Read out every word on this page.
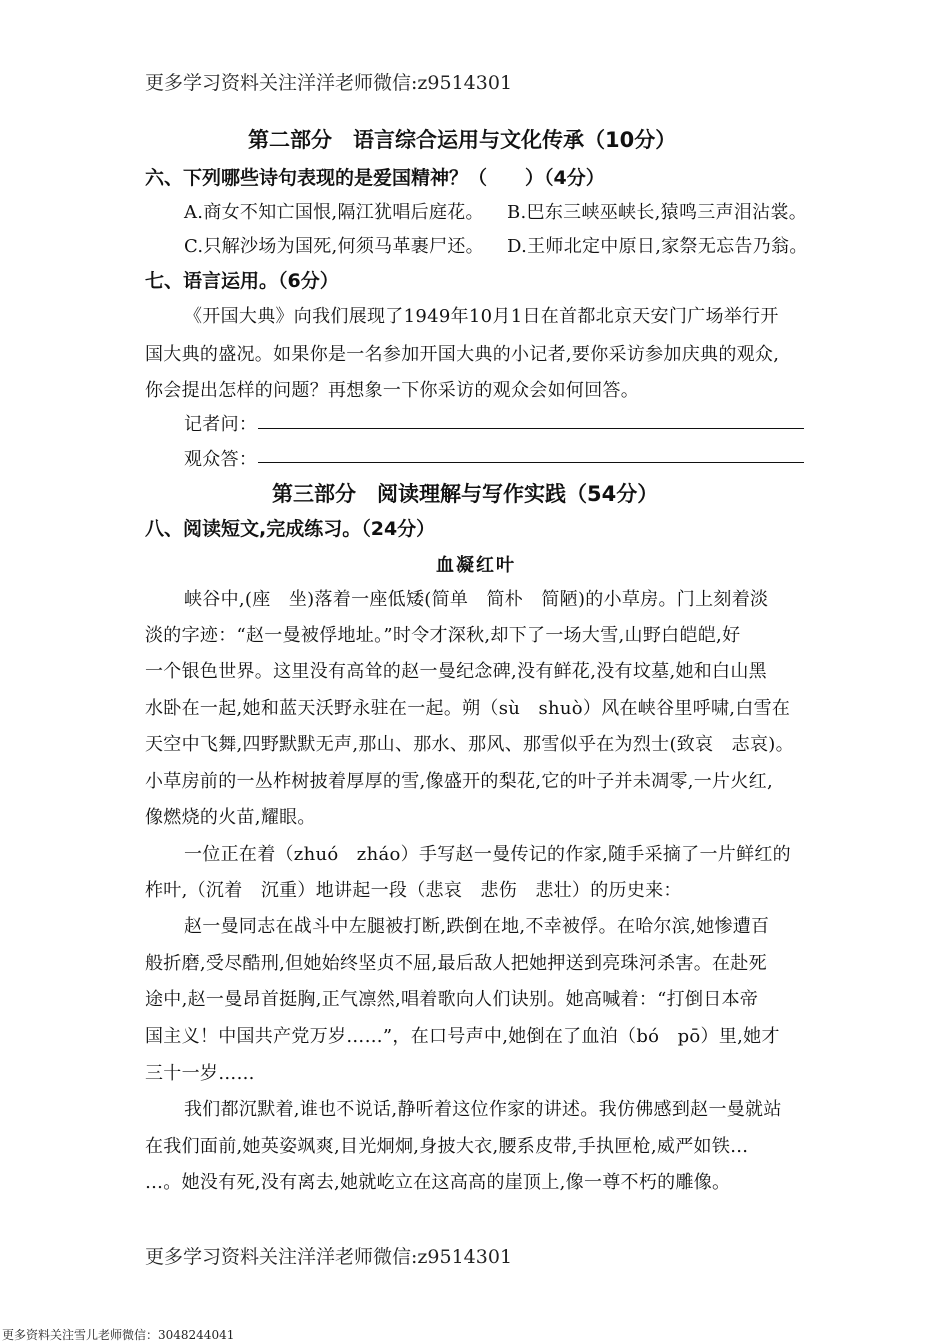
更多学习资料关注洋洋老师微信:z9514301
第二部分　语言综合运用与文化传承（10分）
六、下列哪些诗句表现的是爱国精神？（　　）（4分）
A.商女不知亡国恨,隔江犹唱后庭花。 B.巴东三峡巫峡长,猿鸣三声泪沾裳。
C.只解沙场为国死,何须马革裹尸还。 D.王师北定中原日,家祭无忘告乃翁。
七、语言运用。（6分）
《开国大典》向我们展现了1949年10月1日在首都北京天安门广场举行开
国大典的盛况。如果你是一名参加开国大典的小记者,要你采访参加庆典的观众,
你会提出怎样的问题？再想象一下你采访的观众会如何回答。
记者问：
观众答：
第三部分　阅读理解与写作实践（54分）
八、阅读短文,完成练习。（24分）
血凝红叶
峡谷中,(座　坐)落着一座低矮(简单　简朴　简陋)的小草房。门上刻着淡
淡的字迹：“赵一曼被俘地址。”时令才深秋,却下了一场大雪,山野白皑皑,好
一个银色世界。这里没有高耸的赵一曼纪念碑,没有鲜花,没有坟墓,她和白山黑
水卧在一起,她和蓝天沃野永驻在一起。朔（sù　shuò）风在峡谷里呼啸,白雪在
天空中飞舞,四野默默无声,那山、那水、那风、那雪似乎在为烈士(致哀　志哀)。
小草房前的一丛柞树披着厚厚的雪,像盛开的梨花,它的叶子并未凋零,一片火红,
像燃烧的火苗,耀眼。
一位正在着（zhuó　zháo）手写赵一曼传记的作家,随手采摘了一片鲜红的
柞叶,（沉着　沉重）地讲起一段（悲哀　悲伤　悲壮）的历史来：
赵一曼同志在战斗中左腿被打断,跌倒在地,不幸被俘。在哈尔滨,她惨遭百
般折磨,受尽酷刑,但她始终坚贞不屈,最后敌人把她押送到亮珠河杀害。在赴死
途中,赵一曼昂首挺胸,正气凛然,唱着歌向人们诀别。她高喊着：“打倒日本帝
国主义！中国共产党万岁……”，在口号声中,她倒在了血泊（bó　pō）里,她才
三十一岁……
我们都沉默着,谁也不说话,静听着这位作家的讲述。我仿佛感到赵一曼就站
在我们面前,她英姿飒爽,目光炯炯,身披大衣,腰系皮带,手执匣枪,威严如铁…
…。她没有死,没有离去,她就屹立在这高高的崖顶上,像一尊不朽的雕像。
更多学习资料关注洋洋老师微信:z9514301
更多资料关注雪儿老师微信：3048244041
